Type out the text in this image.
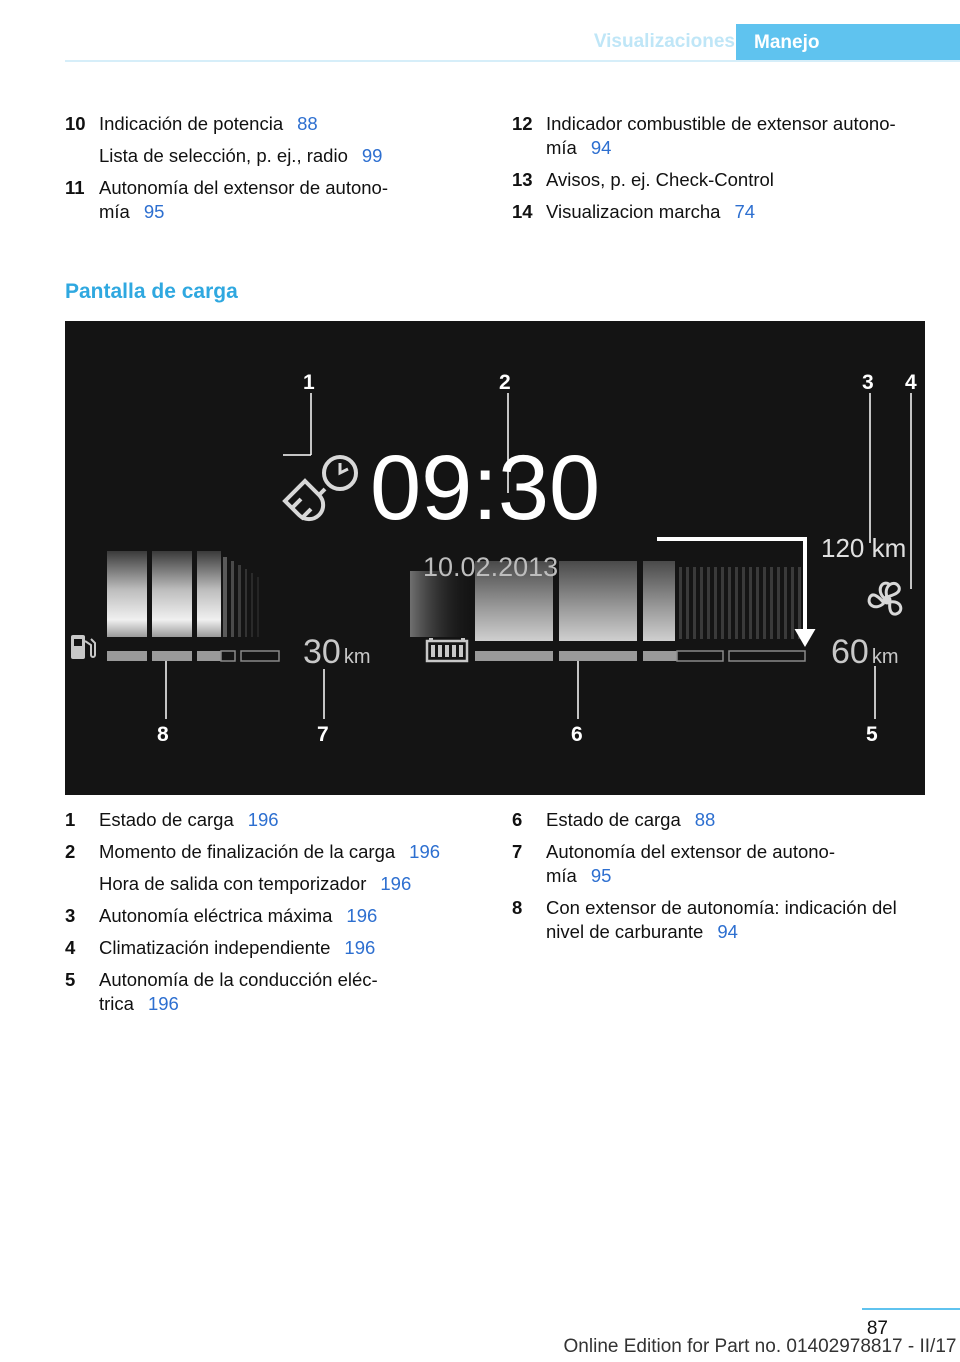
Visualizaciones	Manejo
10 Indicación de potencia 88
Lista de selección, p. ej., radio 99
11 Autonomía del extensor de autono-
mía 95
12 Indicador combustible de extensor autono-
mía 94
13 Avisos, p. ej. Check-Control
14 Visualizacion marcha 74
Pantalla de carga
09:30
10.02.2013
120 km
60 km
30 km
1	2	3 4
5
6
7
8
1 Estado de carga 196
2 Momento de finalización de la carga 196
Hora de salida con temporizador 196
3 Autonomía eléctrica máxima 196
4 Climatización independiente 196
5 Autonomía de la conducción eléc-
trica 196
6 Estado de carga 88
7 Autonomía del extensor de autono-
mía 95
8 Con extensor de autonomía: indicación del
nivel de carburante 94
87
Online Edition for Part no. 01402978817 - II/17
